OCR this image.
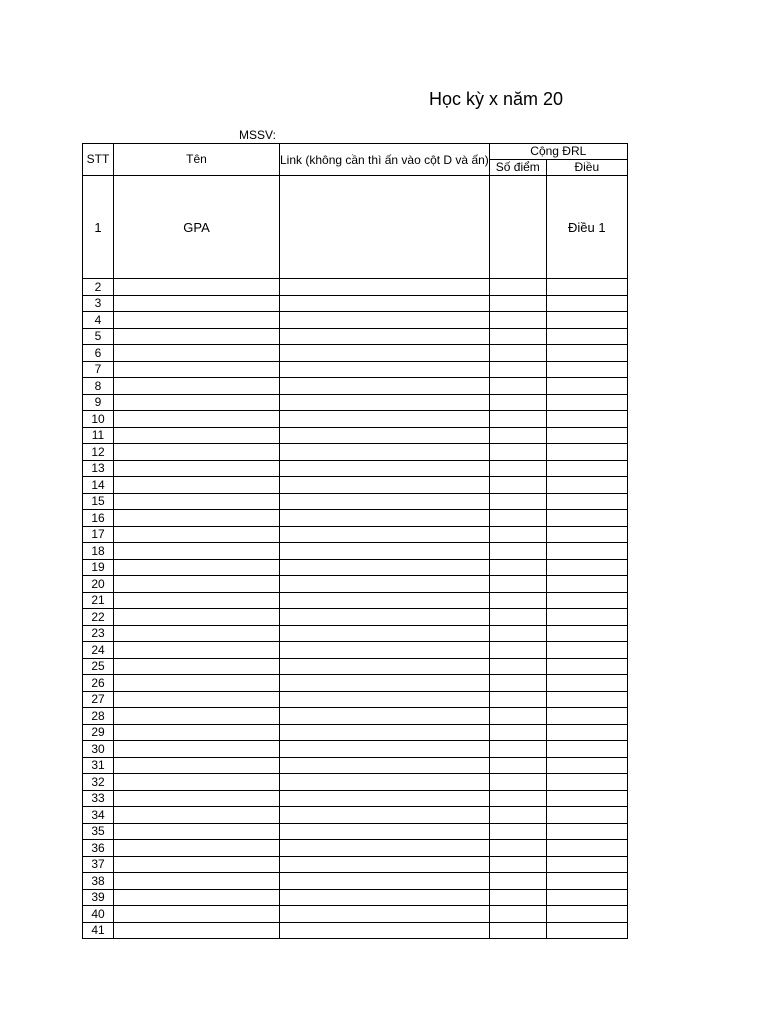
Học kỳ x năm 20
MSSV:
STT	Tên	Link (không cần thì ấn vào cột D và ấn)	Cộng ĐRL	
			Số điểm	Điều
1	GPA			Điều 1
2				
3				
4				
5				
6				
7				
8				
9				
10				
11				
12				
13				
14				
15				
16				
17				
18				
19				
20				
21				
22				
23				
24				
25				
26				
27				
28				
29				
30				
31				
32				
33				
34				
35				
36				
37				
38				
39				
40				
41				
